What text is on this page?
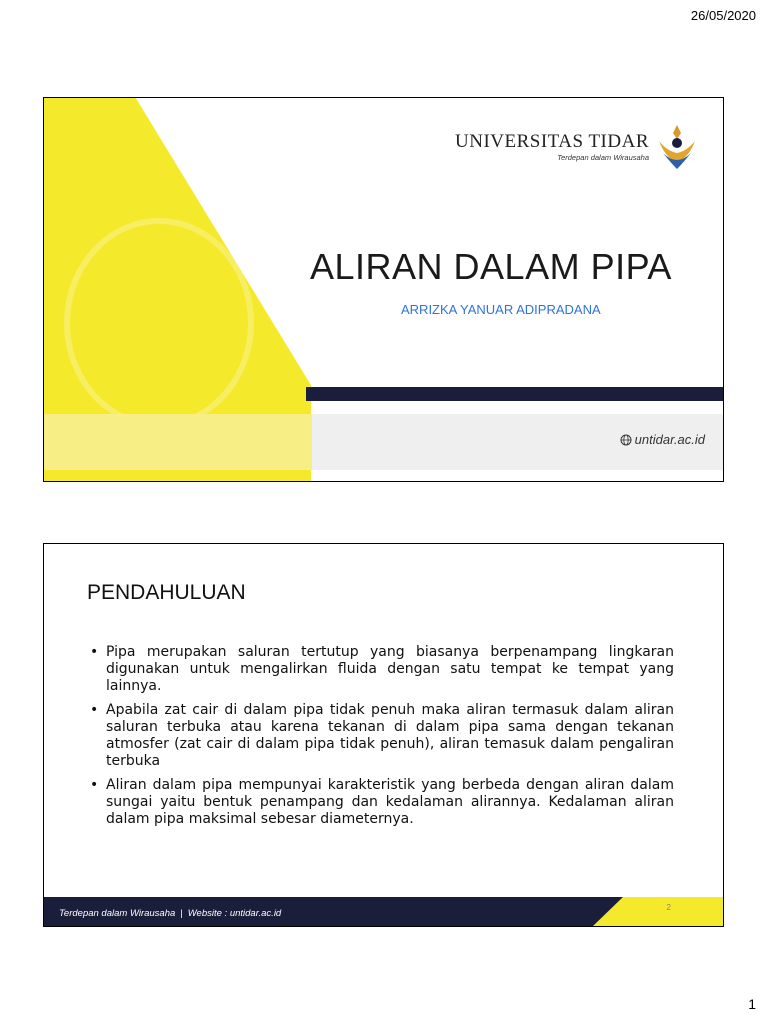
26/05/2020
UNIVERSITAS TIDAR
Terdepan dalam Wirausaha
ALIRAN DALAM PIPA
ARRIZKA YANUAR ADIPRADANA
untidar.ac.id
PENDAHULUAN
• Pipa merupakan saluran tertutup yang biasanya berpenampang lingkaran digunakan untuk mengalirkan fluida dengan satu tempat ke tempat yang lainnya.
• Apabila zat cair di dalam pipa tidak penuh maka aliran termasuk dalam aliran saluran terbuka atau karena tekanan di dalam pipa sama dengan tekanan atmosfer (zat cair di dalam pipa tidak penuh), aliran temasuk dalam pengaliran terbuka
• Aliran dalam pipa mempunyai karakteristik yang berbeda dengan aliran dalam sungai yaitu bentuk penampang dan kedalaman alirannya. Kedalaman aliran dalam pipa maksimal sebesar diameternya.
Terdepan dalam Wirausaha | Website : untidar.ac.id
2
1
